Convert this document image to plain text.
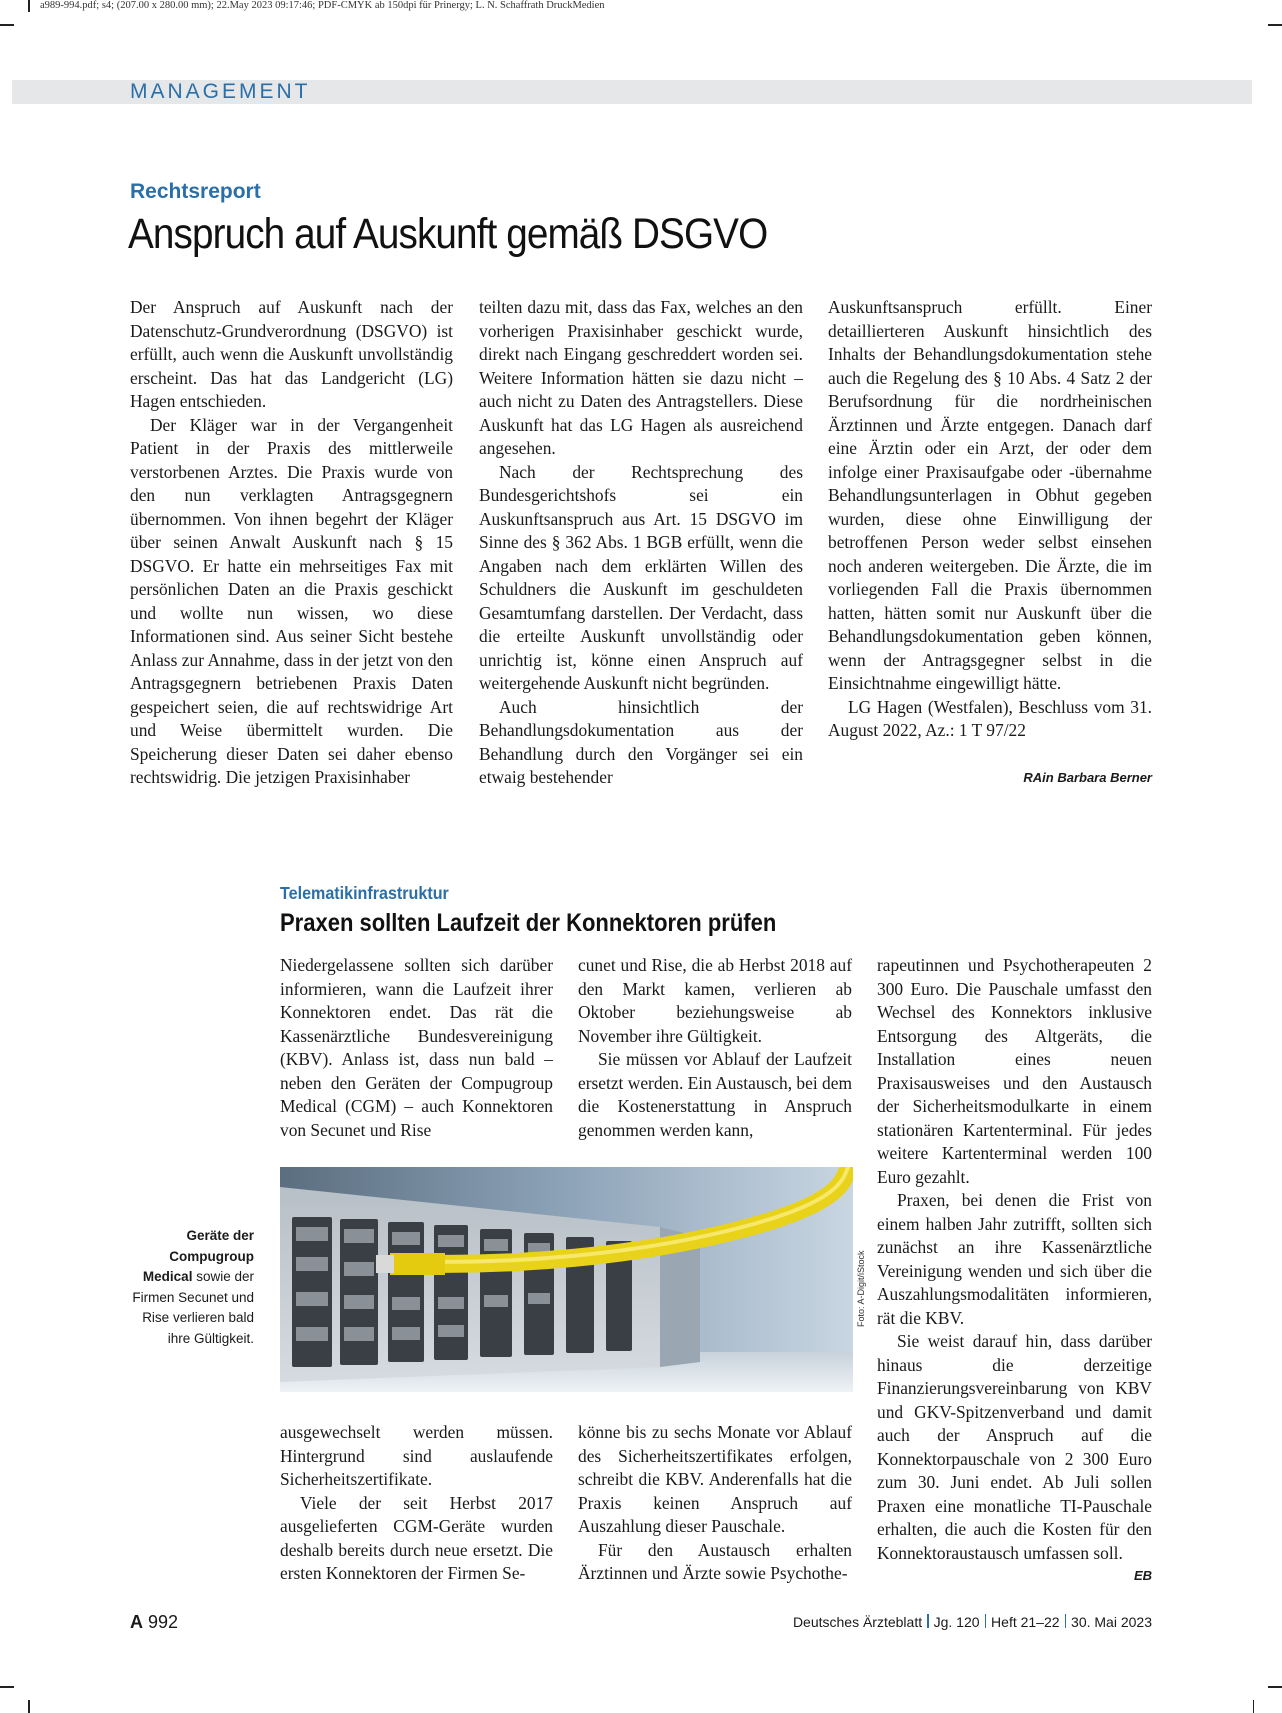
a989-994.pdf; s4; (207.00 x 280.00 mm); 22.May 2023 09:17:46; PDF-CMYK ab 150dpi für Prinergy; L. N. Schaffrath DruckMedien
MANAGEMENT
Rechtsreport
Anspruch auf Auskunft gemäß DSGVO

Der Anspruch auf Auskunft nach der Datenschutz-Grundverordnung (DSGVO) ist erfüllt, auch wenn die Auskunft unvollständig erscheint. Das hat das Landgericht (LG) Hagen entschieden.

Der Kläger war in der Vergangenheit Patient in der Praxis des mittlerweile verstorbenen Arztes. Die Praxis wurde von den nun verklagten Antragsgegnern übernommen. Von ihnen begehrt der Kläger über seinen Anwalt Auskunft nach § 15 DSGVO. Er hatte ein mehrseitiges Fax mit persönlichen Daten an die Praxis geschickt und wollte nun wissen, wo diese Informationen sind. Aus seiner Sicht bestehe Anlass zur Annahme, dass in der jetzt von den Antragsgegnern betriebenen Praxis Daten gespeichert seien, die auf rechtswidrige Art und Weise übermittelt wurden. Die Speicherung dieser Daten sei daher ebenso rechtswidrig. Die jetzigen Praxisinhaber

teilten dazu mit, dass das Fax, welches an den vorherigen Praxisinhaber geschickt wurde, direkt nach Eingang geschreddert worden sei. Weitere Information hätten sie dazu nicht – auch nicht zu Daten des Antragstellers. Diese Auskunft hat das LG Hagen als ausreichend angesehen.

Nach der Rechtsprechung des Bundesgerichtshofs sei ein Auskunftsanspruch aus Art. 15 DSGVO im Sinne des § 362 Abs. 1 BGB erfüllt, wenn die Angaben nach dem erklärten Willen des Schuldners die Auskunft im geschuldeten Gesamtumfang darstellen. Der Verdacht, dass die erteilte Auskunft unvollständig oder unrichtig ist, könne einen Anspruch auf weitergehende Auskunft nicht begründen.

Auch hinsichtlich der Behandlungsdokumentation aus der Behandlung durch den Vorgänger sei ein etwaig bestehender

Auskunftsanspruch erfüllt. Einer detaillierteren Auskunft hinsichtlich des Inhalts der Behandlungsdokumentation stehe auch die Regelung des § 10 Abs. 4 Satz 2 der Berufsordnung für die nordrheinischen Ärztinnen und Ärzte entgegen. Danach darf eine Ärztin oder ein Arzt, der oder dem infolge einer Praxisaufgabe oder -übernahme Behandlungsunterlagen in Obhut gegeben wurden, diese ohne Einwilligung der betroffenen Person weder selbst einsehen noch anderen weitergeben. Die Ärzte, die im vorliegenden Fall die Praxis übernommen hatten, hätten somit nur Auskunft über die Behandlungsdokumentation geben können, wenn der Antragsgegner selbst in die Einsichtnahme eingewilligt hätte.

LG Hagen (Westfalen), Beschluss vom 31. August 2022, Az.: 1 T 97/22

RAin Barbara Berner
Telematikinfrastruktur
Praxen sollten Laufzeit der Konnektoren prüfen

Niedergelassene sollten sich darüber informieren, wann die Laufzeit ihrer Konnektoren endet. Das rät die Kassenärztliche Bundesvereinigung (KBV). Anlass ist, dass nun bald – neben den Geräten der Compugroup Medical (CGM) – auch Konnektoren von Secunet und Rise

cunet und Rise, die ab Herbst 2018 auf den Markt kamen, verlieren ab Oktober beziehungsweise ab November ihre Gültigkeit.

Sie müssen vor Ablauf der Laufzeit ersetzt werden. Ein Austausch, bei dem die Kostenerstattung in Anspruch genommen werden kann,

Foto: A-Digit/iStock
Geräte der Compugroup Medical sowie der Firmen Secunet und Rise verlieren bald ihre Gültigkeit.

ausgewechselt werden müssen. Hintergrund sind auslaufende Sicherheitszertifikate.

Viele der seit Herbst 2017 ausgelieferten CGM-Geräte wurden deshalb bereits durch neue ersetzt. Die ersten Konnektoren der Firmen Se-

könne bis zu sechs Monate vor Ablauf des Sicherheitszertifikates erfolgen, schreibt die KBV. Anderenfalls hat die Praxis keinen Anspruch auf Auszahlung dieser Pauschale.

Für den Austausch erhalten Ärztinnen und Ärzte sowie Psychothe-

rapeutinnen und Psychotherapeuten 2 300 Euro. Die Pauschale umfasst den Wechsel des Konnektors inklusive Entsorgung des Altgeräts, die Installation eines neuen Praxisausweises und den Austausch der Sicherheitsmodulkarte in einem stationären Kartenterminal. Für jedes weitere Kartenterminal werden 100 Euro gezahlt.

Praxen, bei denen die Frist von einem halben Jahr zutrifft, sollten sich zunächst an ihre Kassenärztliche Vereinigung wenden und sich über die Auszahlungsmodalitäten informieren, rät die KBV.

Sie weist darauf hin, dass darüber hinaus die derzeitige Finanzierungsvereinbarung von KBV und GKV-Spitzenverband und damit auch der Anspruch auf die Konnektorpauschale von 2 300 Euro zum 30. Juni endet. Ab Juli sollen Praxen eine monatliche TI-Pauschale erhalten, die auch die Kosten für den Konnektoraustausch umfassen soll.

EB
A 992	Deutsches Ärzteblatt Jg. 120 Heft 21–22 30. Mai 2023
